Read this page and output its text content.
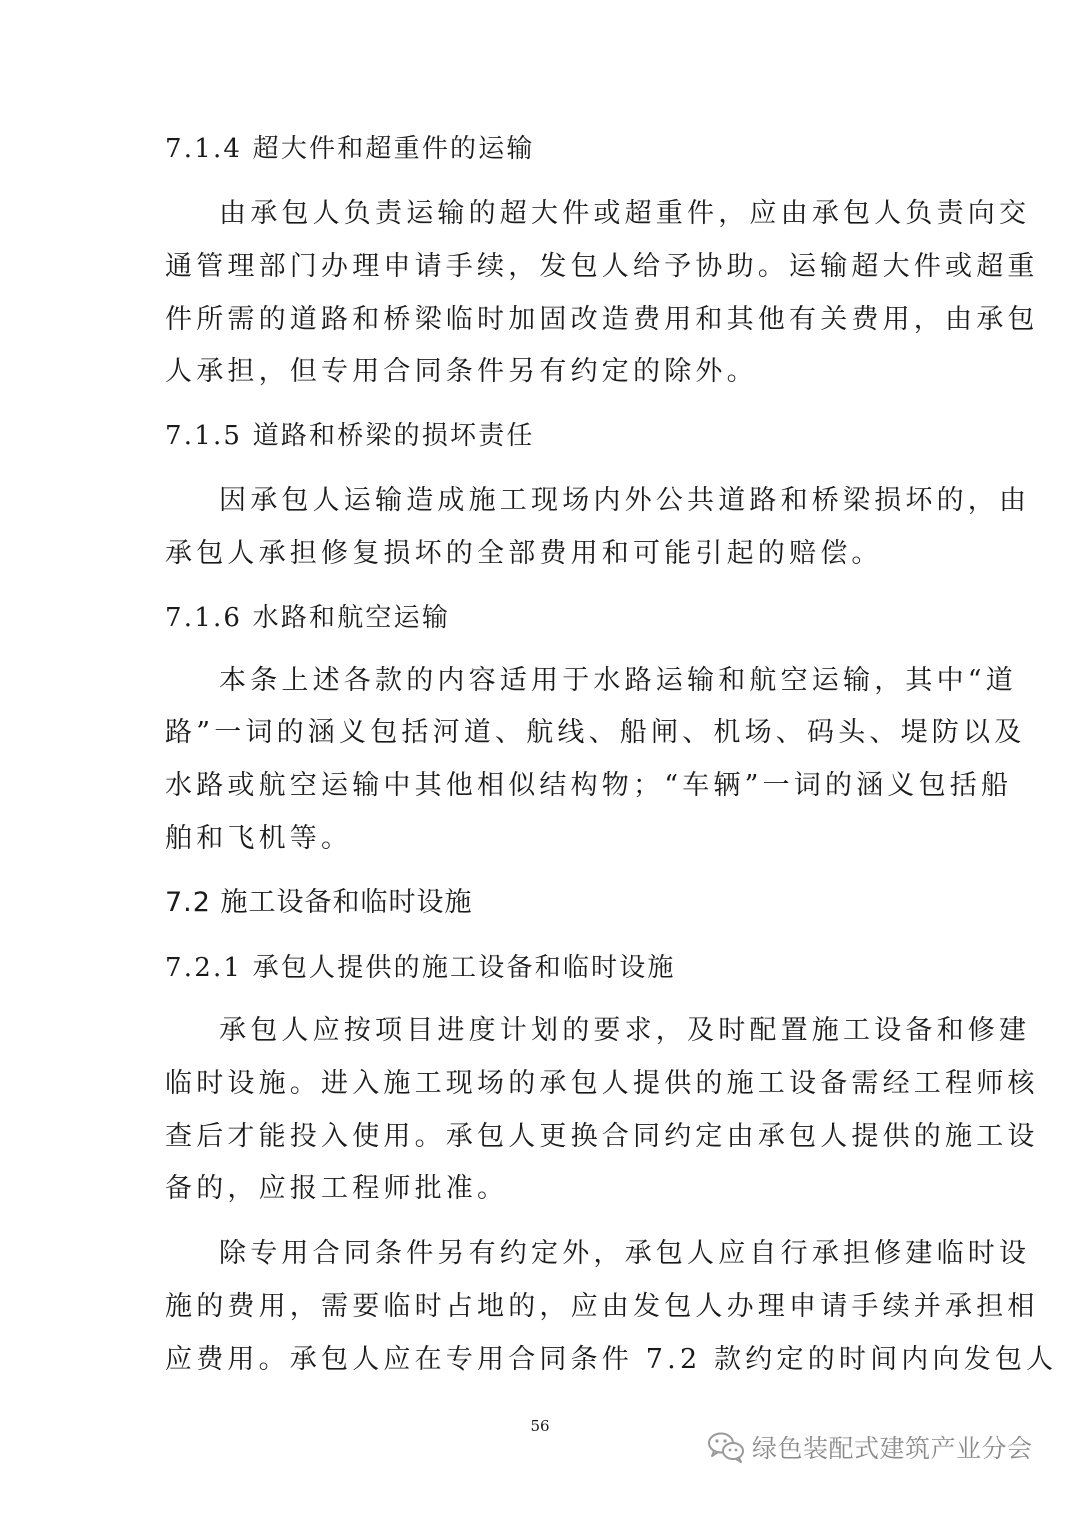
7.1.4 超大件和超重件的运输
由承包人负责运输的超大件或超重件，应由承包人负责向交
通管理部门办理申请手续，发包人给予协助。运输超大件或超重
件所需的道路和桥梁临时加固改造费用和其他有关费用，由承包
人承担，但专用合同条件另有约定的除外。
7.1.5 道路和桥梁的损坏责任
因承包人运输造成施工现场内外公共道路和桥梁损坏的，由
承包人承担修复损坏的全部费用和可能引起的赔偿。
7.1.6 水路和航空运输
本条上述各款的内容适用于水路运输和航空运输，其中“道
路”一词的涵义包括河道、航线、船闸、机场、码头、堤防以及
水路或航空运输中其他相似结构物；“车辆”一词的涵义包括船
舶和飞机等。
7.2 施工设备和临时设施
7.2.1 承包人提供的施工设备和临时设施
承包人应按项目进度计划的要求，及时配置施工设备和修建
临时设施。进入施工现场的承包人提供的施工设备需经工程师核
查后才能投入使用。承包人更换合同约定由承包人提供的施工设
备的，应报工程师批准。
除专用合同条件另有约定外，承包人应自行承担修建临时设
施的费用，需要临时占地的，应由发包人办理申请手续并承担相
应费用。承包人应在专用合同条件 7.2 款约定的时间内向发包人
56
绿色装配式建筑产业分会
